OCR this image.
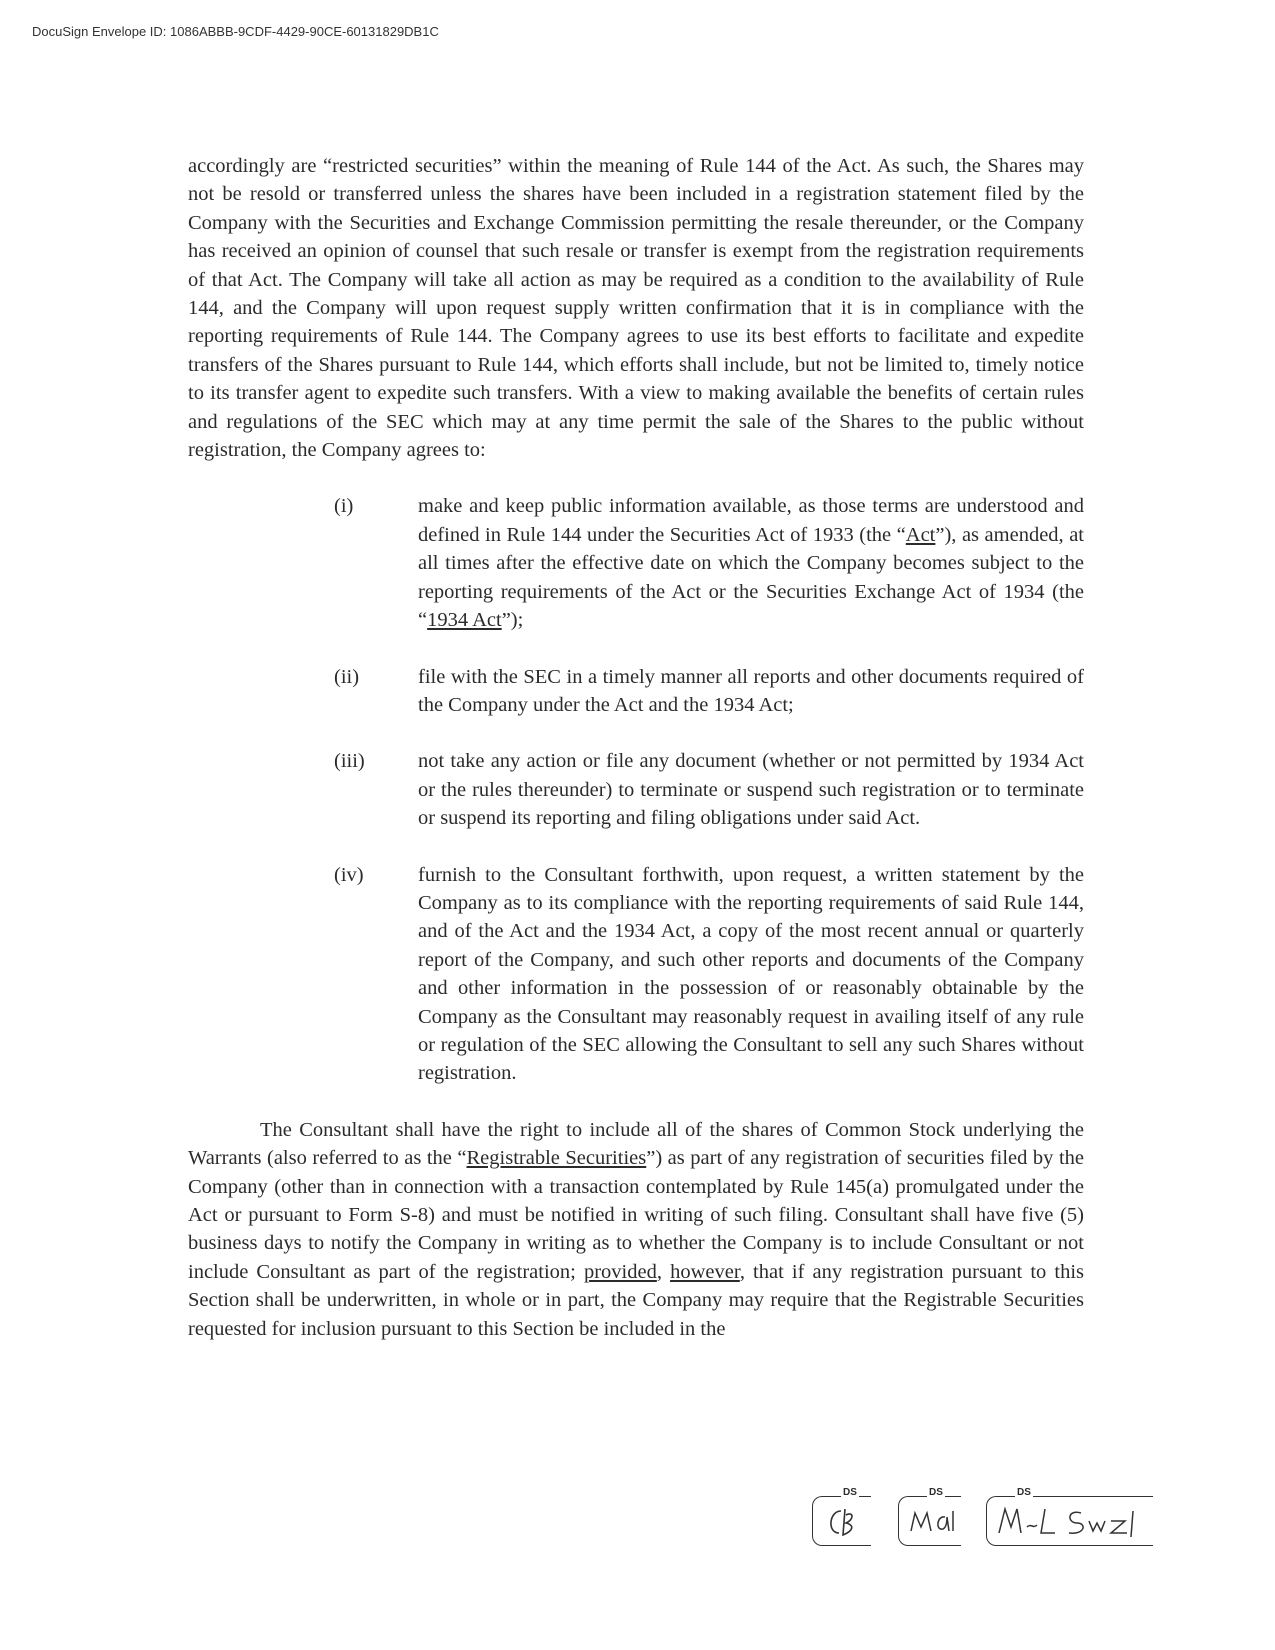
DocuSign Envelope ID: 1086ABBB-9CDF-4429-90CE-60131829DB1C

accordingly are “restricted securities” within the meaning of Rule 144 of the Act. As such, the Shares may not be resold or transferred unless the shares have been included in a registration statement filed by the Company with the Securities and Exchange Commission permitting the resale thereunder, or the Company has received an opinion of counsel that such resale or transfer is exempt from the registration requirements of that Act. The Company will take all action as may be required as a condition to the availability of Rule 144, and the Company will upon request supply written confirmation that it is in compliance with the reporting requirements of Rule 144. The Company agrees to use its best efforts to facilitate and expedite transfers of the Shares pursuant to Rule 144, which efforts shall include, but not be limited to, timely notice to its transfer agent to expedite such transfers. With a view to making available the benefits of certain rules and regulations of the SEC which may at any time permit the sale of the Shares to the public without registration, the Company agrees to:

(i)	make and keep public information available, as those terms are understood and defined in Rule 144 under the Securities Act of 1933 (the “Act”), as amended, at all times after the effective date on which the Company becomes subject to the reporting requirements of the Act or the Securities Exchange Act of 1934 (the “1934 Act”);
(ii)	file with the SEC in a timely manner all reports and other documents required of the Company under the Act and the 1934 Act;
(iii)	not take any action or file any document (whether or not permitted by 1934 Act or the rules thereunder) to terminate or suspend such registration or to terminate or suspend its reporting and filing obligations under said Act.
(iv)	furnish to the Consultant forthwith, upon request, a written statement by the Company as to its compliance with the reporting requirements of said Rule 144, and of the Act and the 1934 Act, a copy of the most recent annual or quarterly report of the Company, and such other reports and documents of the Company and other information in the possession of or reasonably obtainable by the Company as the Consultant may reasonably request in availing itself of any rule or regulation of the SEC allowing the Consultant to sell any such Shares without registration.

The Consultant shall have the right to include all of the shares of Common Stock underlying the Warrants (also referred to as the “Registrable Securities”) as part of any registration of securities filed by the Company (other than in connection with a transaction contemplated by Rule 145(a) promulgated under the Act or pursuant to Form S-8) and must be notified in writing of such filing. Consultant shall have five (5) business days to notify the Company in writing as to whether the Company is to include Consultant or not include Consultant as part of the registration; provided, however, that if any registration pursuant to this Section shall be underwritten, in whole or in part, the Company may require that the Registrable Securities requested for inclusion pursuant to this Section be included in the

DS	DS	DS
